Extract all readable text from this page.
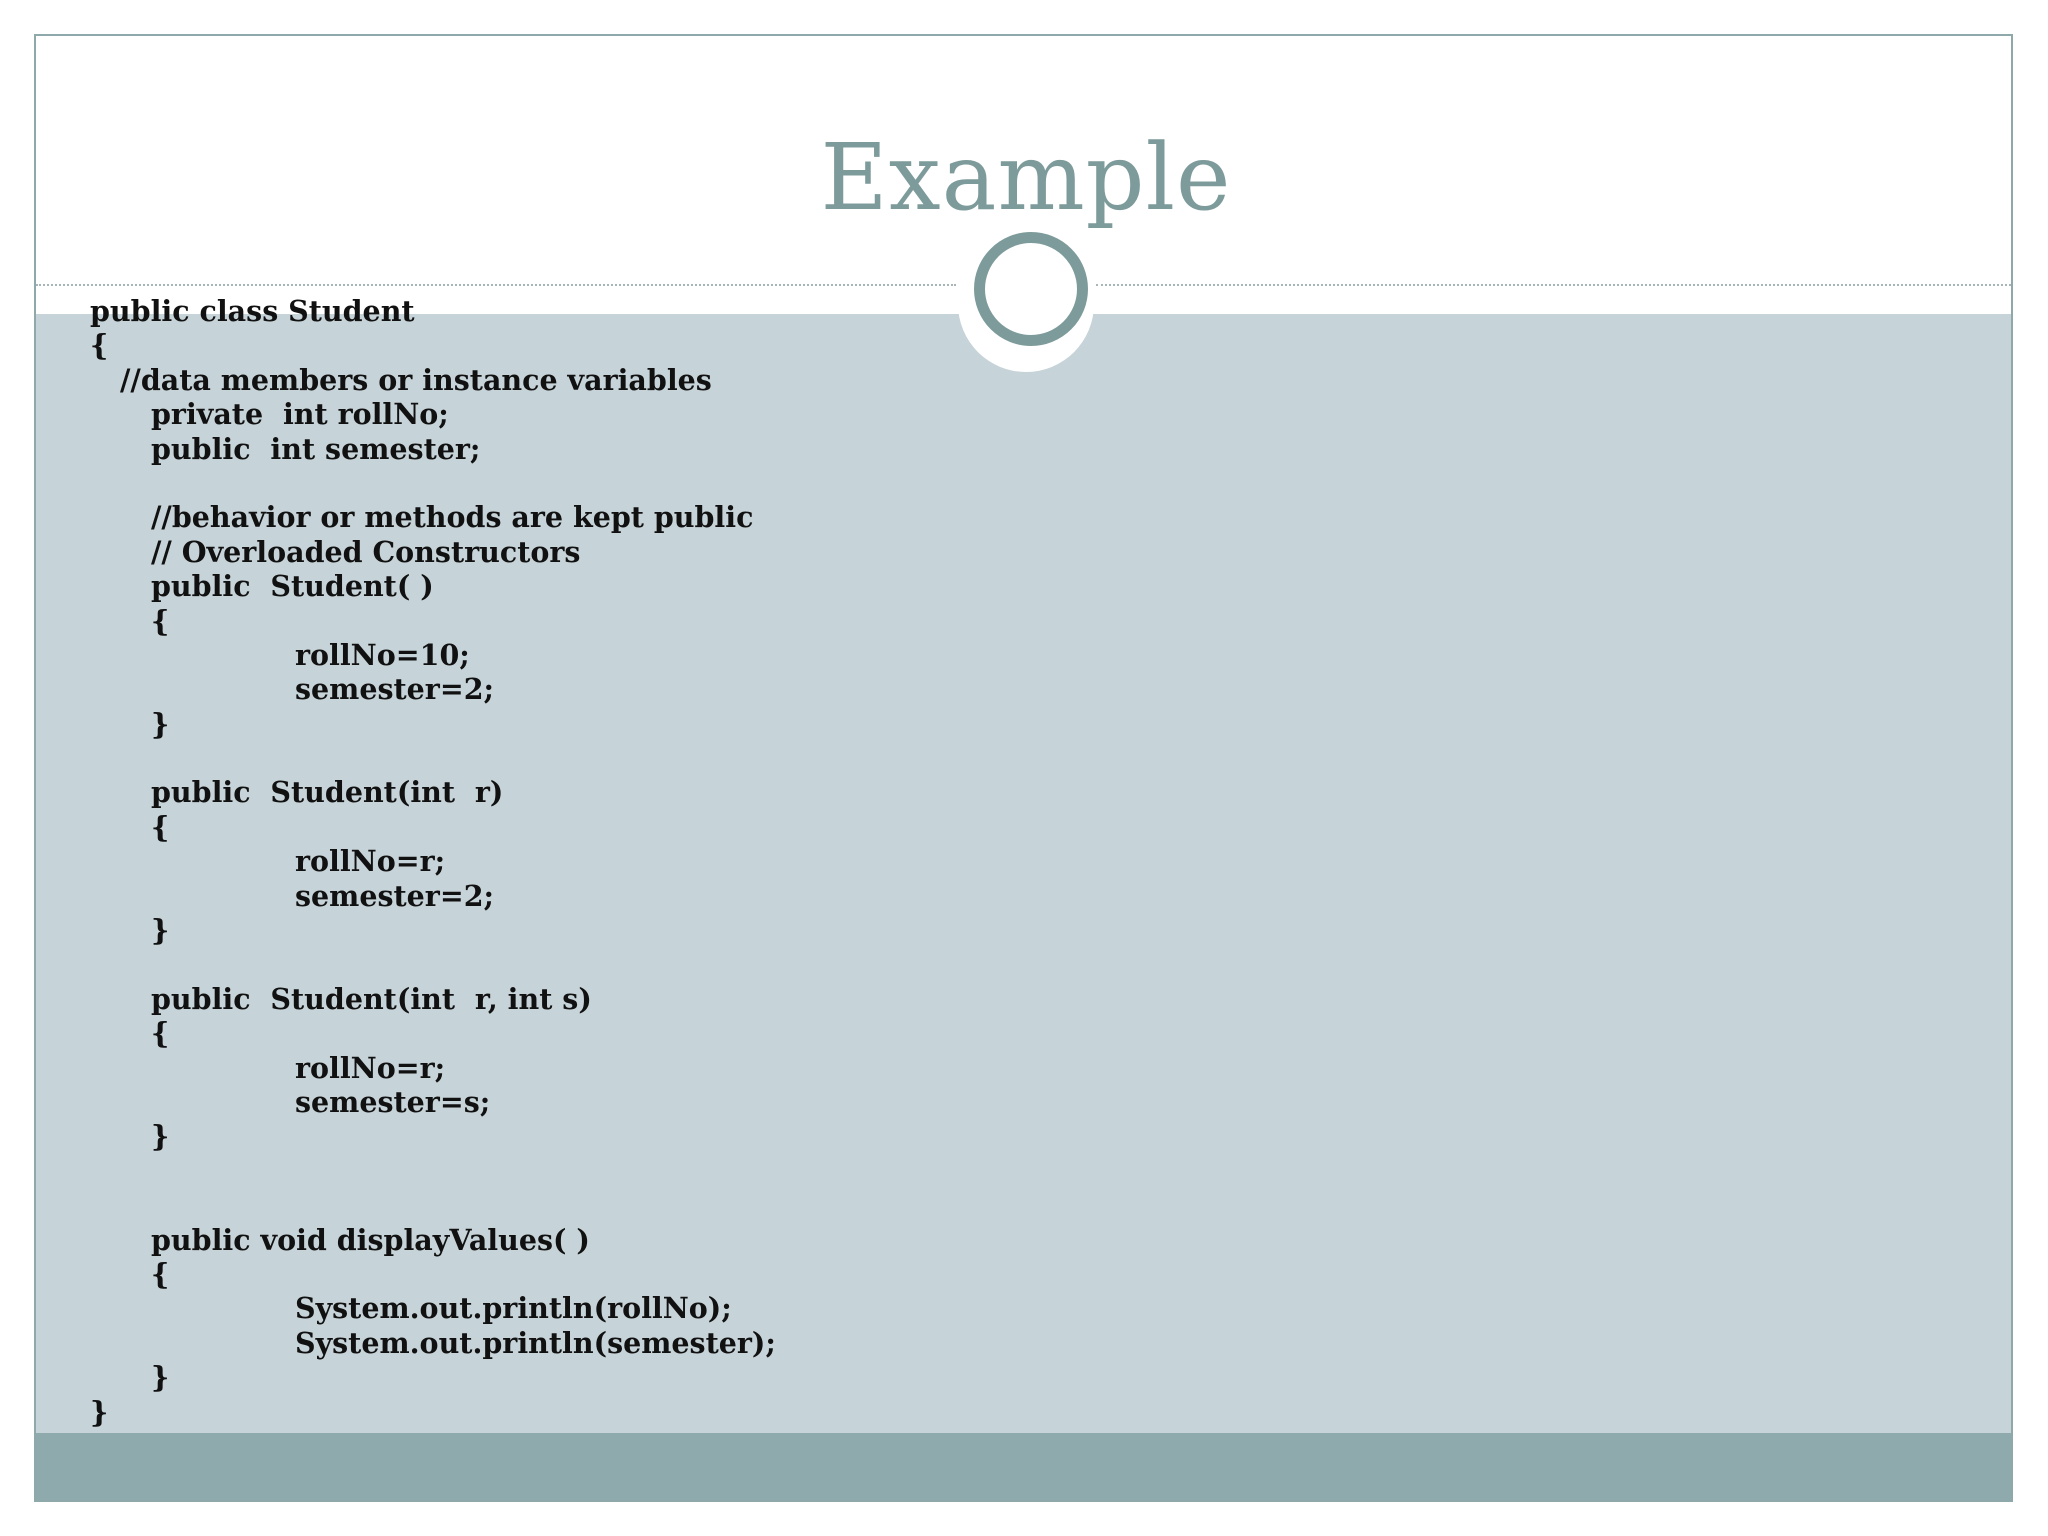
Example
public class Student
{
//data members or instance variables
private  int rollNo;
public  int semester;
//behavior or methods are kept public
// Overloaded Constructors
public  Student( )
{
rollNo=10;
semester=2;
}
public  Student(int  r)
{
rollNo=r;
semester=2;
}
public  Student(int  r, int s)
{
rollNo=r;
semester=s;
}
public void displayValues( )
{
System.out.println(rollNo);
System.out.println(semester);
}
}
